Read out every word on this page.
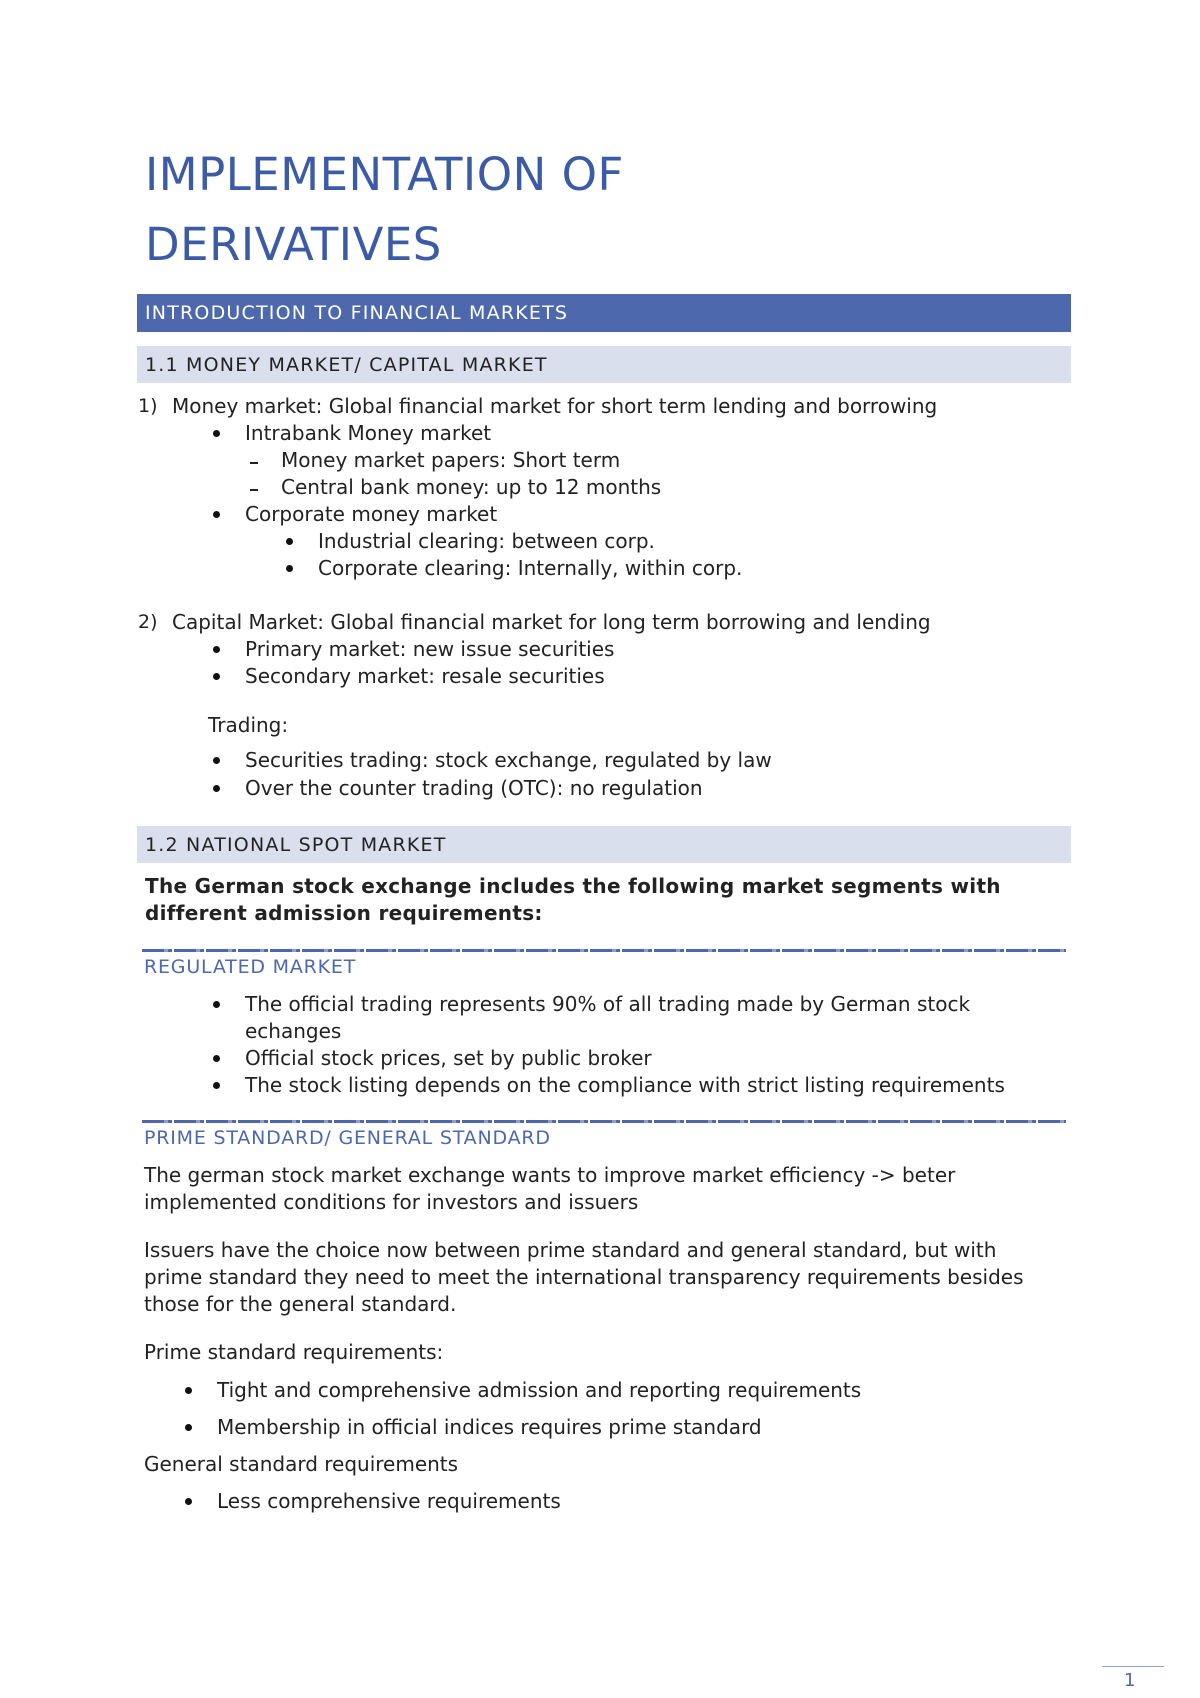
IMPLEMENTATION OF
DERIVATIVES
INTRODUCTION TO FINANCIAL MARKETS
1.1 MONEY MARKET/ CAPITAL MARKET
1) Money market: Global financial market for short term lending and borrowing
Intrabank Money market
Money market papers: Short term
Central bank money: up to 12 months
Corporate money market
Industrial clearing: between corp.
Corporate clearing: Internally, within corp.
2) Capital Market: Global financial market for long term borrowing and lending
Primary market: new issue securities
Secondary market: resale securities
Trading:
Securities trading: stock exchange, regulated by law
Over the counter trading (OTC): no regulation
1.2 NATIONAL SPOT MARKET
The German stock exchange includes the following market segments with
different admission requirements:
REGULATED MARKET
The official trading represents 90% of all trading made by German stock
echanges
Official stock prices, set by public broker
The stock listing depends on the compliance with strict listing requirements
PRIME STANDARD/ GENERAL STANDARD
The german stock market exchange wants to improve market efficiency -> beter
implemented conditions for investors and issuers
Issuers have the choice now between prime standard and general standard, but with
prime standard they need to meet the international transparency requirements besides
those for the general standard.
Prime standard requirements:
Tight and comprehensive admission and reporting requirements
Membership in official indices requires prime standard
General standard requirements
Less comprehensive requirements
1
